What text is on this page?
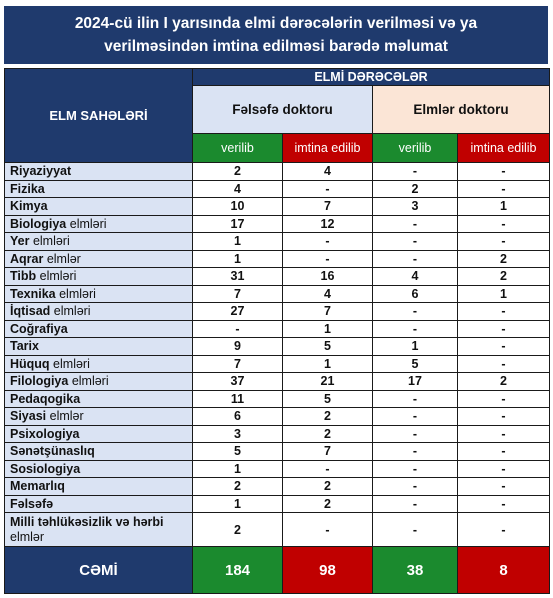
2024-cü ilin I yarısında elmi dərəcələrin verilməsi və ya
verilməsindən imtina edilməsi barədə məlumat
ELM SAHƏLƏRİ	ELMİ DƏRƏCƏLƏR			
	Fəlsəfə doktoru		Elmlər doktoru	
	verilib	imtina edilib	verilib	imtina edilib
Riyaziyyat	2	4	-	-
Fizika	4	-	2	-
Kimya	10	7	3	1
Biologiya elmləri	17	12	-	-
Yer elmləri	1	-	-	-
Aqrar elmlər	1	-	-	2
Tibb elmləri	31	16	4	2
Texnika elmləri	7	4	6	1
İqtisad elmləri	27	7	-	-
Coğrafiya	-	1	-	-
Tarix	9	5	1	-
Hüquq elmləri	7	1	5	-
Filologiya elmləri	37	21	17	2
Pedaqogika	11	5	-	-
Siyasi elmlər	6	2	-	-
Psixologiya	3	2	-	-
Sənətşünaslıq	5	7	-	-
Sosiologiya	1	-	-	-
Memarlıq	2	2	-	-
Fəlsəfə	1	2	-	-
Milli təhlükəsizlik və hərbi
elmlər	2	-	-	-
CƏMİ	184	98	38	8
